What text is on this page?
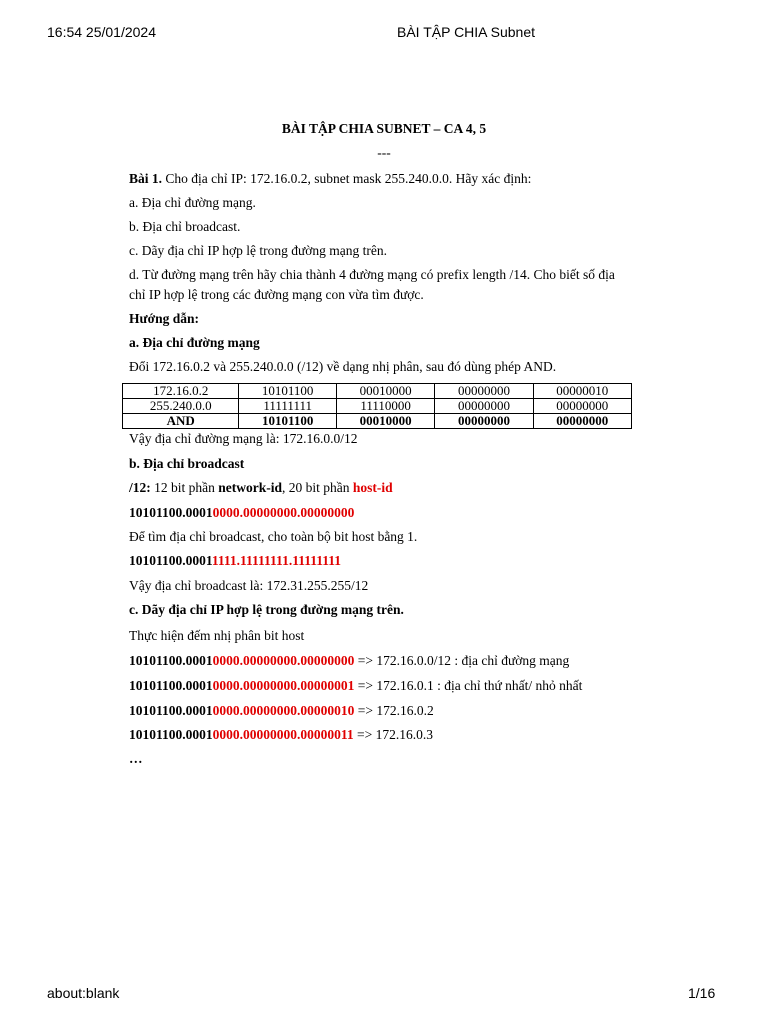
16:54 25/01/2024	BÀI TẬP CHIA Subnet
BÀI TẬP CHIA SUBNET – CA 4, 5
---
Bài 1. Cho địa chỉ IP: 172.16.0.2, subnet mask 255.240.0.0. Hãy xác định:
a. Địa chỉ đường mạng.
b. Địa chỉ broadcast.
c. Dãy địa chỉ IP hợp lệ trong đường mạng trên.
d. Từ đường mạng trên hãy chia thành 4 đường mạng có prefix length /14. Cho biết số địa
chỉ IP hợp lệ trong các đường mạng con vừa tìm được.
Hướng dẫn:
a. Địa chỉ đường mạng
Đổi 172.16.0.2 và 255.240.0.0 (/12) về dạng nhị phân, sau đó dùng phép AND.
172.16.0.2	10101100	00010000	00000000	00000010
255.240.0.0	11111111	11110000	00000000	00000000
AND	10101100	00010000	00000000	00000000
Vậy địa chỉ đường mạng là: 172.16.0.0/12
b. Địa chỉ broadcast
/12: 12 bit phần network-id, 20 bit phần host-id
10101100.00010000.00000000.00000000
Để tìm địa chỉ broadcast, cho toàn bộ bit host bằng 1.
10101100.00011111.11111111.11111111
Vậy địa chỉ broadcast là: 172.31.255.255/12
c. Dãy địa chỉ IP hợp lệ trong đường mạng trên.
Thực hiện đếm nhị phân bit host
10101100.00010000.00000000.00000000 => 172.16.0.0/12 : địa chỉ đường mạng
10101100.00010000.00000000.00000001 => 172.16.0.1 : địa chỉ thứ nhất/ nhỏ nhất
10101100.00010000.00000000.00000010 => 172.16.0.2
10101100.00010000.00000000.00000011 => 172.16.0.3
…
about:blank	1/16
